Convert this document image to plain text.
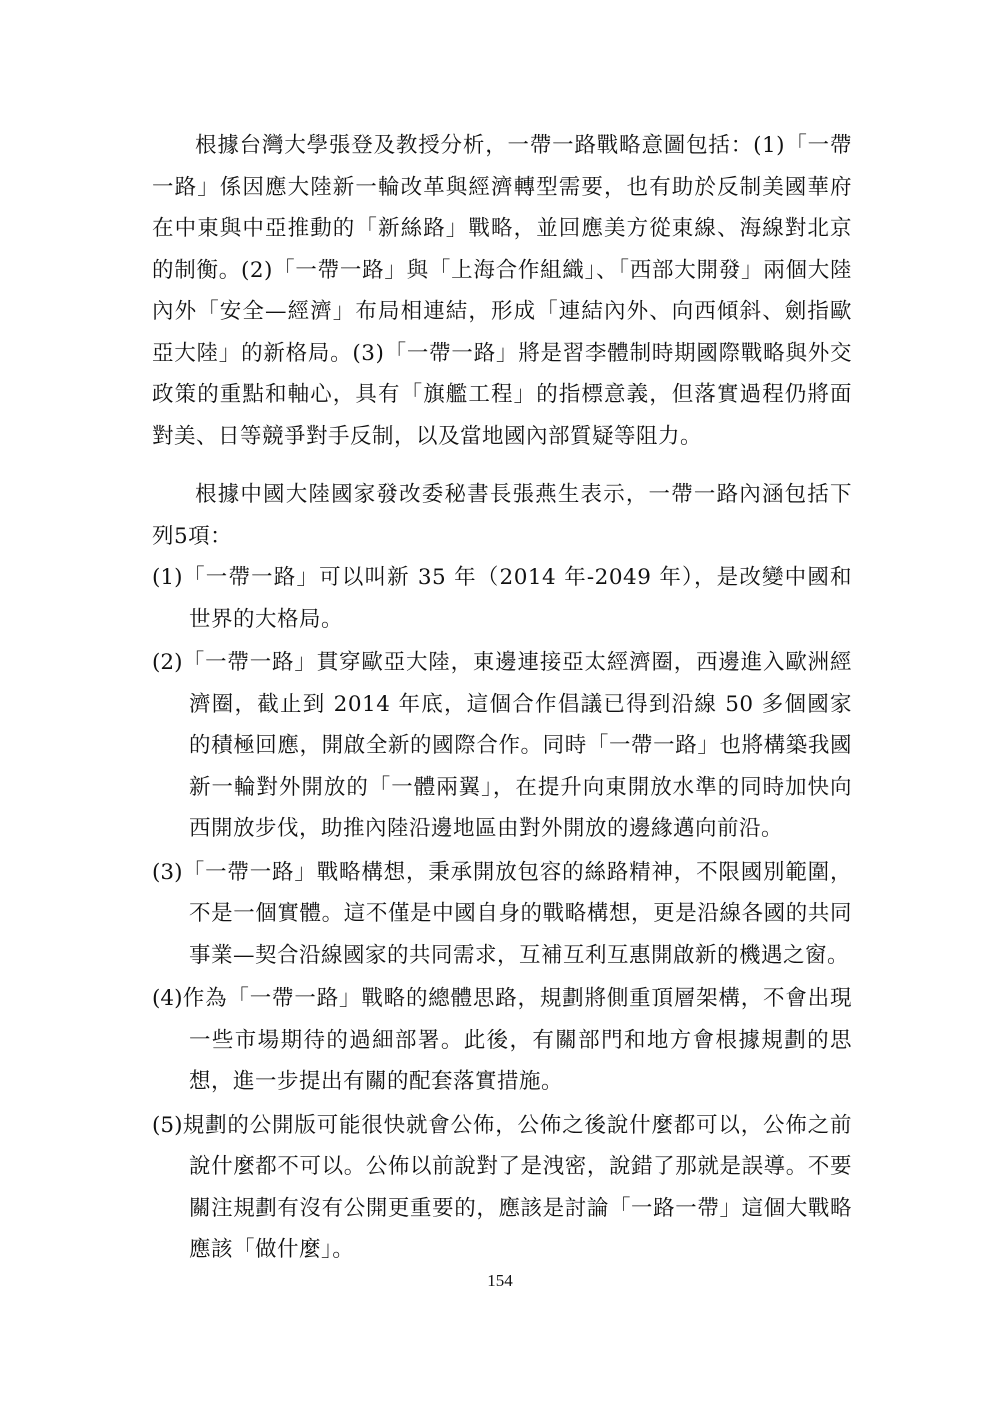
根據台灣大學張登及教授分析，一帶一路戰略意圖包括：(1)「一帶一路」係因應大陸新一輪改革與經濟轉型需要，也有助於反制美國華府在中東與中亞推動的「新絲路」戰略，並回應美方從東線、海線對北京的制衡。(2)「一帶一路」與「上海合作組織」、「西部大開發」兩個大陸內外「安全—經濟」布局相連結，形成「連結內外、向西傾斜、劍指歐亞大陸」的新格局。(3)「一帶一路」將是習李體制時期國際戰略與外交政策的重點和軸心，具有「旗艦工程」的指標意義，但落實過程仍將面對美、日等競爭對手反制，以及當地國內部質疑等阻力。

根據中國大陸國家發改委秘書長張燕生表示，一帶一路內涵包括下列5項：

(1)「一帶一路」可以叫新 35 年（2014 年-2049 年），是改變中國和世界的大格局。

(2)「一帶一路」貫穿歐亞大陸，東邊連接亞太經濟圈，西邊進入歐洲經濟圈，截止到 2014 年底，這個合作倡議已得到沿線 50 多個國家的積極回應，開啟全新的國際合作。同時「一帶一路」也將構築我國新一輪對外開放的「一體兩翼」，在提升向東開放水準的同時加快向西開放步伐，助推內陸沿邊地區由對外開放的邊緣邁向前沿。

(3)「一帶一路」戰略構想，秉承開放包容的絲路精神，不限國別範圍，不是一個實體。這不僅是中國自身的戰略構想，更是沿線各國的共同事業—契合沿線國家的共同需求，互補互利互惠開啟新的機遇之窗。

(4)作為「一帶一路」戰略的總體思路，規劃將側重頂層架構，不會出現一些市場期待的過細部署。此後，有關部門和地方會根據規劃的思想，進一步提出有關的配套落實措施。

(5)規劃的公開版可能很快就會公佈，公佈之後說什麼都可以，公佈之前說什麼都不可以。公佈以前說對了是洩密，說錯了那就是誤導。不要關注規劃有沒有公開更重要的，應該是討論「一路一帶」這個大戰略應該「做什麼」。

154
